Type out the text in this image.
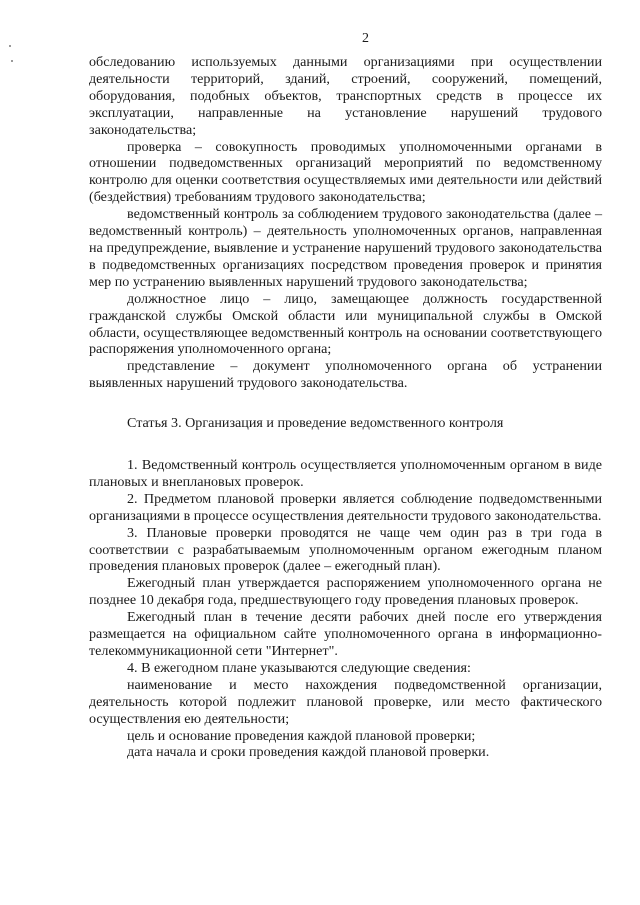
2

обследованию используемых данными организациями при осуществлении деятельности территорий, зданий, строений, сооружений, помещений, оборудования, подобных объектов, транспортных средств в процессе их эксплуатации, направленные на установление нарушений трудового законодательства;

проверка – совокупность проводимых уполномоченными органами в отношении подведомственных организаций мероприятий по ведомственному контролю для оценки соответствия осуществляемых ими деятельности или действий (бездействия) требованиям трудового законодательства;

ведомственный контроль за соблюдением трудового законодательства (далее – ведомственный контроль) – деятельность уполномоченных органов, направленная на предупреждение, выявление и устранение нарушений трудового законодательства в подведомственных организациях посредством проведения проверок и принятия мер по устранению выявленных нарушений трудового законодательства;

должностное лицо – лицо, замещающее должность государственной гражданской службы Омской области или муниципальной службы в Омской области, осуществляющее ведомственный контроль на основании соответствующего распоряжения уполномоченного органа;

представление – документ уполномоченного органа об устранении выявленных нарушений трудового законодательства.

Статья 3. Организация и проведение ведомственного контроля

1. Ведомственный контроль осуществляется уполномоченным органом в виде плановых и внеплановых проверок.

2. Предметом плановой проверки является соблюдение подведомственными организациями в процессе осуществления деятельности трудового законодательства.

3. Плановые проверки проводятся не чаще чем один раз в три года в соответствии с разрабатываемым уполномоченным органом ежегодным планом проведения плановых проверок (далее – ежегодный план).

Ежегодный план утверждается распоряжением уполномоченного органа не позднее 10 декабря года, предшествующего году проведения плановых проверок.

Ежегодный план в течение десяти рабочих дней после его утверждения размещается на официальном сайте уполномоченного органа в информационно-телекоммуникационной сети "Интернет".

4. В ежегодном плане указываются следующие сведения:

наименование и место нахождения подведомственной организации, деятельность которой подлежит плановой проверке, или место фактического осуществления ею деятельности;

цель и основание проведения каждой плановой проверки;

дата начала и сроки проведения каждой плановой проверки.
